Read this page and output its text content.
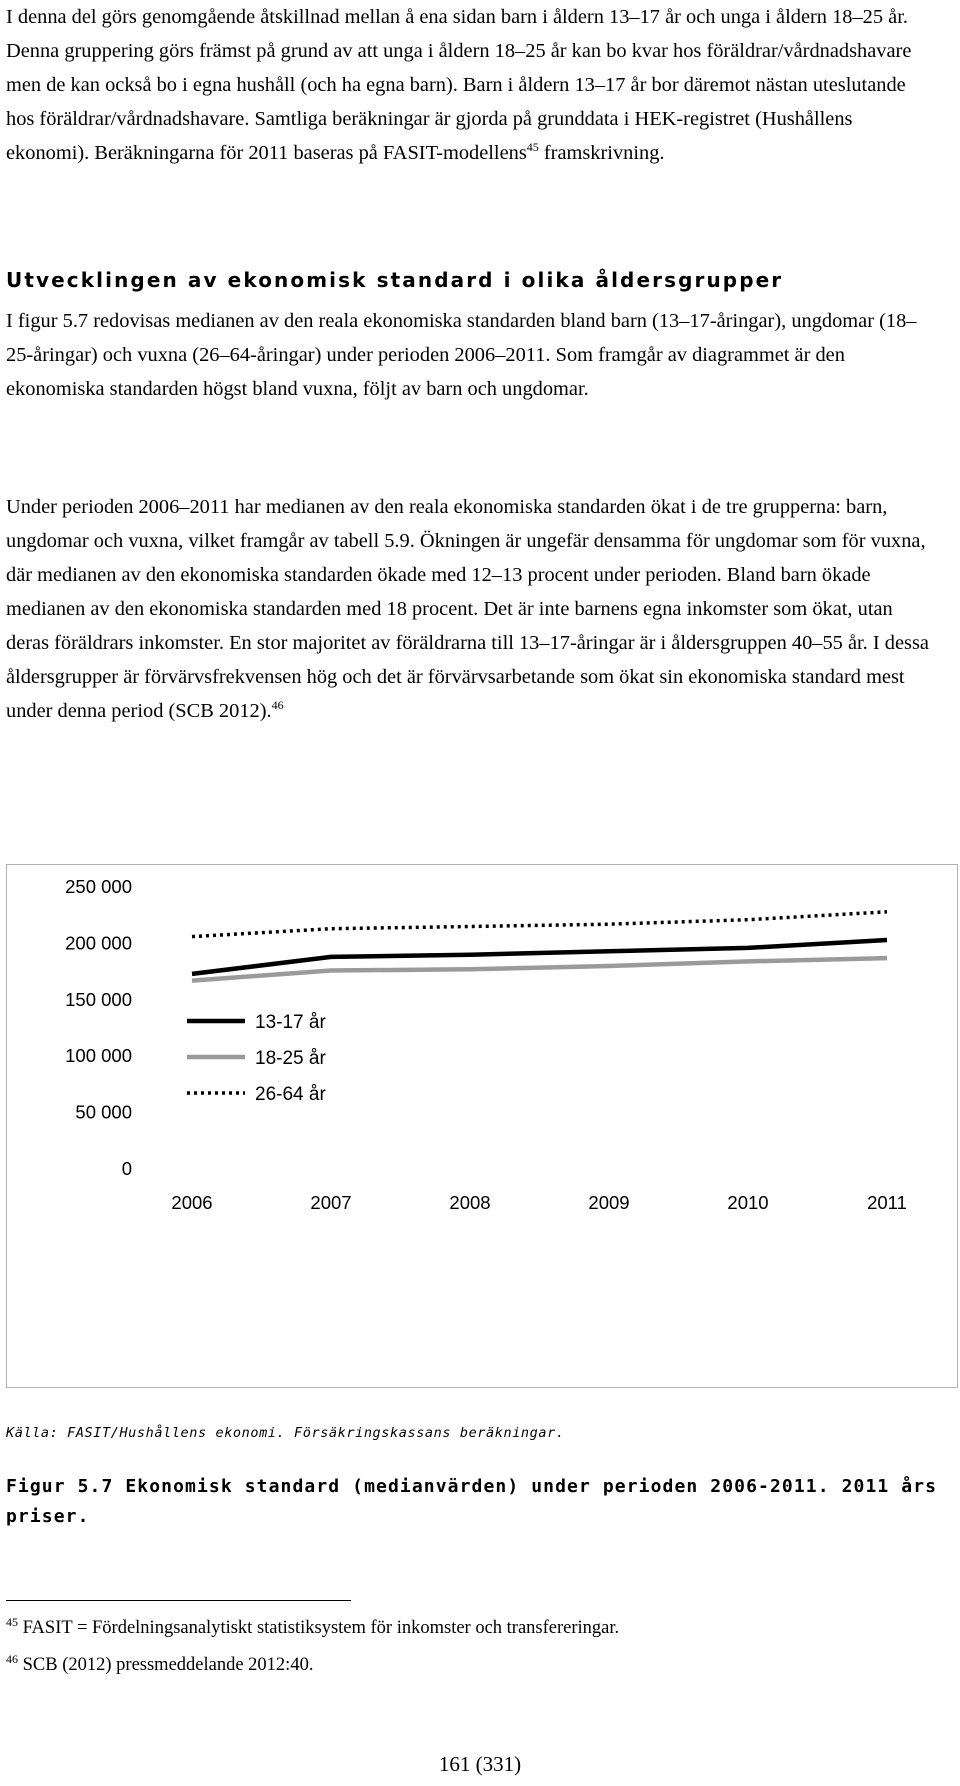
I denna del görs genomgående åtskillnad mellan å ena sidan barn i åldern 13–17 år och unga i åldern 18–25 år. Denna gruppering görs främst på grund av att unga i åldern 18–25 år kan bo kvar hos föräldrar/vårdnadshavare men de kan också bo i egna hushåll (och ha egna barn). Barn i åldern 13–17 år bor däremot nästan uteslutande hos föräldrar/vårdnadshavare. Samtliga beräkningar är gjorda på grunddata i HEK-registret (Hushållens ekonomi). Beräkningarna för 2011 baseras på FASIT-modellens$^{45}$ framskrivning.

Utvecklingen av ekonomisk standard i olika åldersgrupper

I figur 5.7 redovisas medianen av den reala ekonomiska standarden bland barn (13–17-åringar), ungdomar (18–25-åringar) och vuxna (26–64-åringar) under perioden 2006–2011. Som framgår av diagrammet är den ekonomiska standarden högst bland vuxna, följt av barn och ungdomar.

Under perioden 2006–2011 har medianen av den reala ekonomiska standarden ökat i de tre grupperna: barn, ungdomar och vuxna, vilket framgår av tabell 5.9. Ökningen är ungefär densamma för ungdomar som för vuxna, där medianen av den ekonomiska standarden ökade med 12–13 procent under perioden. Bland barn ökade medianen av den ekonomiska standarden med 18 procent. Det är inte barnens egna inkomster som ökat, utan deras föräldrars inkomster. En stor majoritet av föräldrarna till 13–17-åringar är i åldersgruppen 40–55 år. I dessa åldersgrupper är förvärvsfrekvensen hög och det är förvärvsarbetande som ökat sin ekonomiska standard mest under denna period (SCB 2012).$^{46}$

0
50 000
100 000
150 000
200 000
250 000
2006	2007	2008	2009	2010	2011
13-17 år
18-25 år
26-64 år
Källa: FASIT/Hushållens ekonomi. Försäkringskassans beräkningar.
Figur 5.7 Ekonomisk standard (medianvärden) under perioden 2006-2011. 2011 års priser.
$^{45}$ FASIT = Fördelningsanalytiskt statistiksystem för inkomster och transfereringar.
$^{46}$ SCB (2012) pressmeddelande 2012:40.
161 (331)
